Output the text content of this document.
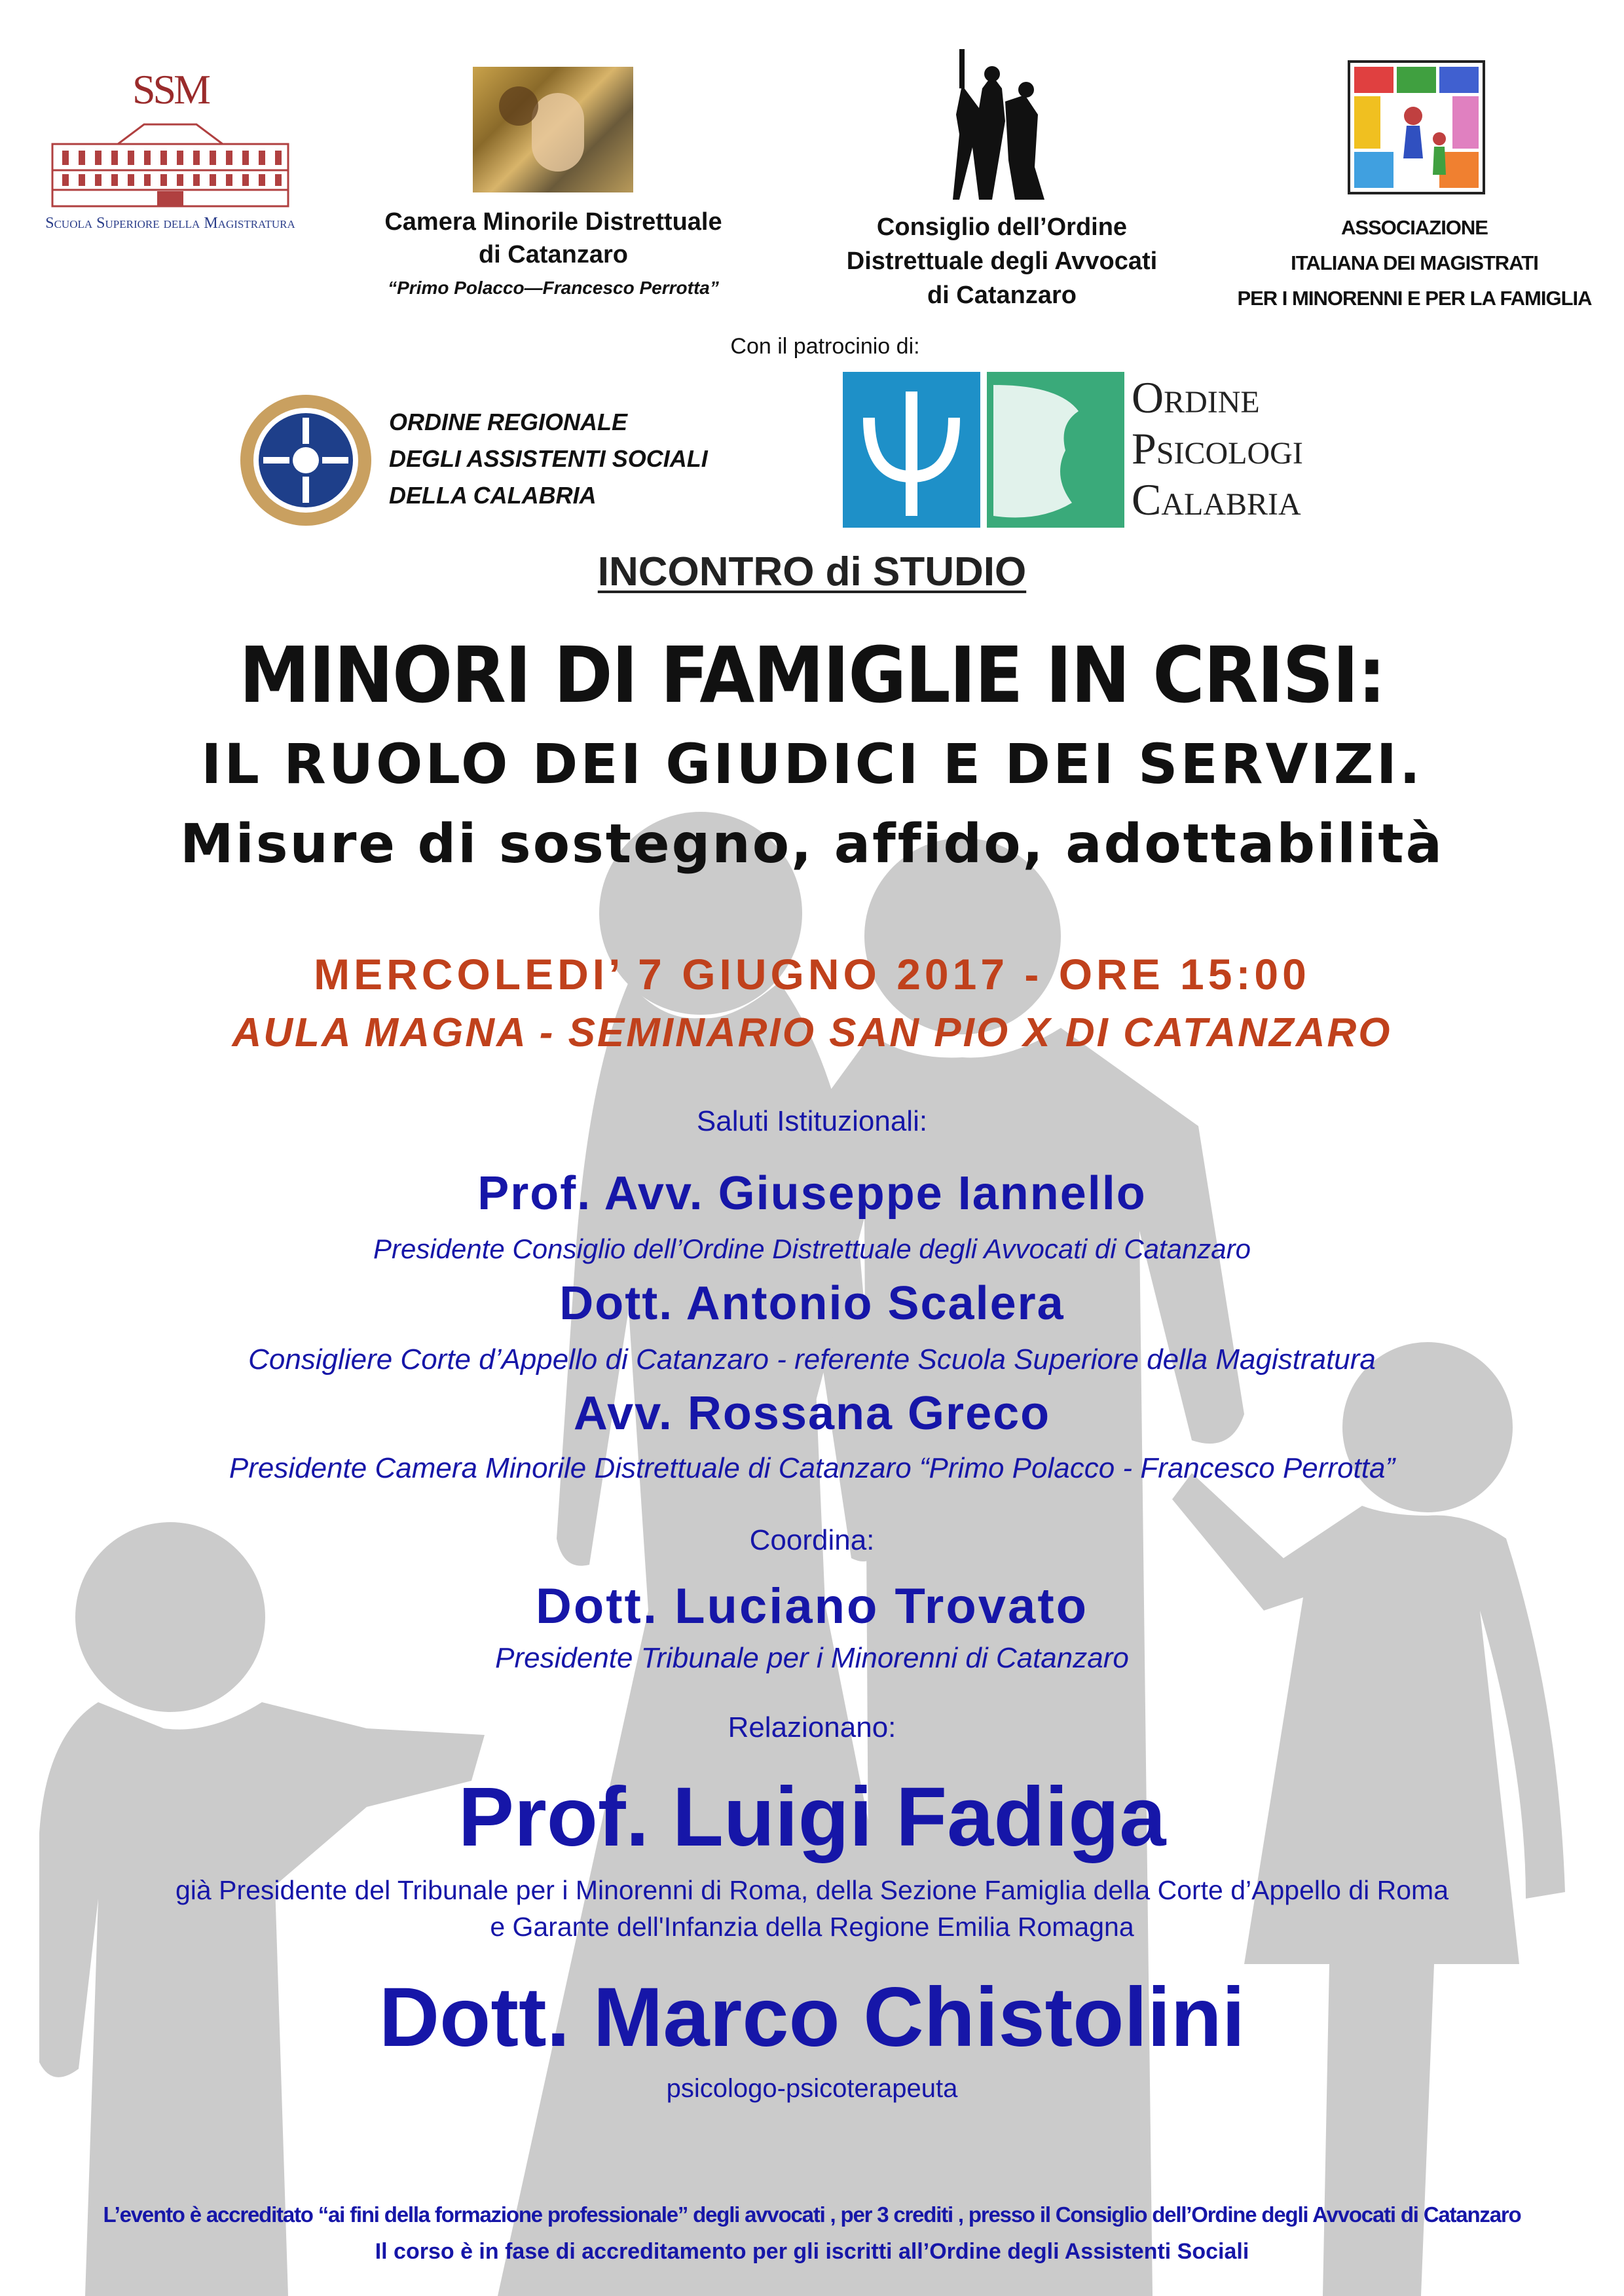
SSM
Scuola Superiore della Magistratura	Camera Minorile Distrettuale
di Catanzaro
“Primo Polacco—Francesco Perrotta”
Consiglio dell’Ordine
Distrettuale degli Avvocati
di Catanzaro
ASSOCIAZIONE
ITALIANA DEI MAGISTRATI
PER I MINORENNI E PER LA FAMIGLIA
Con il patrocinio di:
ORDINE REGIONALE
DEGLI ASSISTENTI SOCIALI
DELLA CALABRIA
Ordine
Psicologi
Calabria
INCONTRO di STUDIO
MINORI DI FAMIGLIE IN CRISI:
IL RUOLO DEI GIUDICI E DEI SERVIZI.
Misure di sostegno, affido, adottabilità
MERCOLEDI’ 7 GIUGNO 2017 - ORE 15:00
AULA MAGNA - SEMINARIO SAN PIO X DI CATANZARO
Saluti Istituzionali:
Prof. Avv. Giuseppe Iannello
Presidente Consiglio dell’Ordine Distrettuale degli Avvocati di Catanzaro
Dott. Antonio Scalera
Consigliere Corte d’Appello di Catanzaro - referente Scuola Superiore della Magistratura
Avv. Rossana Greco
Presidente Camera Minorile Distrettuale di Catanzaro “Primo Polacco - Francesco Perrotta”
Coordina:
Dott. Luciano Trovato
Presidente Tribunale per i Minorenni di Catanzaro
Relazionano:
Prof. Luigi Fadiga
già Presidente del Tribunale per i Minorenni di Roma, della Sezione Famiglia della Corte d’Appello di Roma
e Garante dell'Infanzia della Regione Emilia Romagna
Dott. Marco Chistolini
psicologo-psicoterapeuta
L’evento è accreditato “ai fini della formazione professionale” degli avvocati , per 3 crediti , presso il Consiglio dell’Ordine degli Avvocati di Catanzaro
Il corso è in fase di accreditamento per gli iscritti all’Ordine degli Assistenti Sociali
